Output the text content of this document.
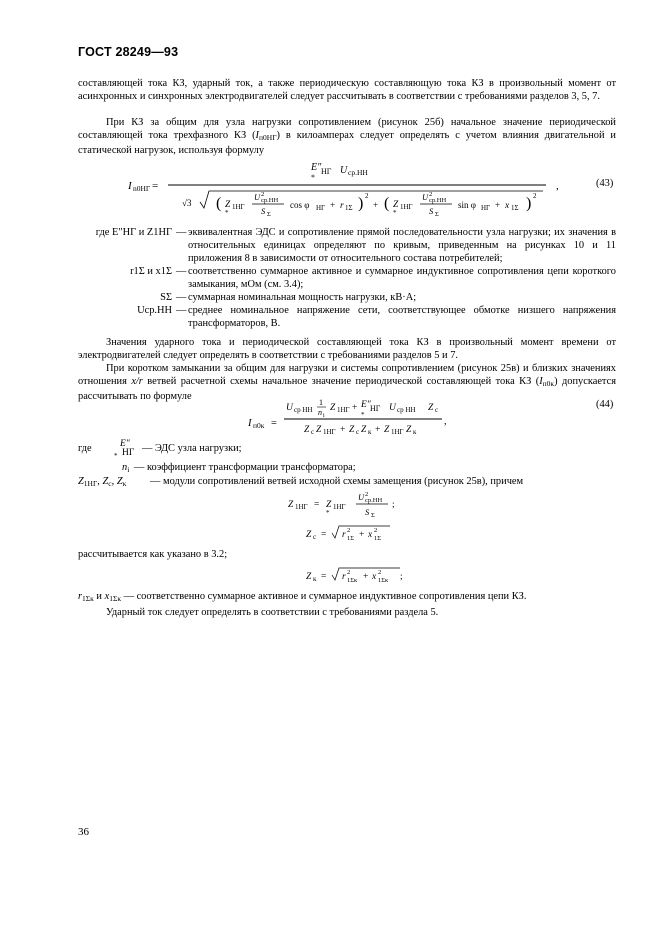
ГОСТ 28249—93
составляющей тока КЗ, ударный ток, а также периодическую составляющую тока КЗ в произвольный момент от асинхронных и синхронных электродвигателей следует рассчитывать в соответствии с требованиями разделов 3, 5, 7.
При КЗ за общим для узла нагрузки сопротивлением (рисунок 25б) начальное значение периодической составляющей тока трехфазного КЗ $(I_{п0НГ})$ в килоамперах следует определять с учетом влияния двигательной и статической нагрузок, используя формулу
I n0НГ =
E″ НГ
*
U ср.НН
√3 ( Z 1НГ
*
U 2
ср.НН
S Σ
cos φ НГ + r 1Σ ) 2
+ ( Z 1НГ
*
U 2
ср.НН
S Σ
sin φ НГ + x 1Σ ) 2
,	(43)
где E″НГ и Z1НГ — эквивалентная ЭДС и сопротивление прямой последовательности узла нагрузки; их значения в относительных единицах определяют по кривым, приведенным на рисунках 10 и 11 приложения 8 в зависимости от относительного состава потребителей;
r1Σ и x1Σ — соответственно суммарное активное и суммарное индуктивное сопротивления цепи короткого замыкания, мОм (см. 3.4);
SΣ — суммарная номинальная мощность нагрузки, кВ·А;
Uср.НН — среднее номинальное напряжение сети, соответствующее обмотке низшего напряжения трансформаторов, В.
Значения ударного тока и периодической составляющей тока КЗ в произвольный момент времени от электродвигателей следует определять в соответствии с требованиями разделов 5 и 7.
При коротком замыкании за общим для нагрузки и системы сопротивлением (рисунок 25в) и близких значениях отношения x/r ветвей расчетной схемы начальное значение периодической составляющей тока КЗ $(I_{п0к})$ допускается рассчитывать по формуле
I п0к =
U ср НН
1
n i
Z 1НГ + E″ НГ
*
U ср НН Z с
Z с Z 1НГ + Z с Z к + Z 1НГ Z к
,
(44)
где	E″
НГ
*
— ЭДС узла нагрузки;
$n_i$ — коэффициент трансформации трансформатора;
$Z_{1НГ}$, $Z_с$, $Z_к$ — модули сопротивлений ветвей исходной схемы замещения (рисунок 25в), причем
Z 1НГ = Z 1НГ
*
U 2
ср.НН
S Σ
;
Z с = r 2
1Σ + x 2
1Σ
рассчитывается как указано в 3.2;
Z к = r 2
1Σк + x 2
1Σк ;
$r_{1\Sigma к}$ и $x_{1\Sigma к}$ — соответственно суммарное активное и суммарное индуктивное сопротивления цепи КЗ.
Ударный ток следует определять в соответствии с требованиями раздела 5.
36
